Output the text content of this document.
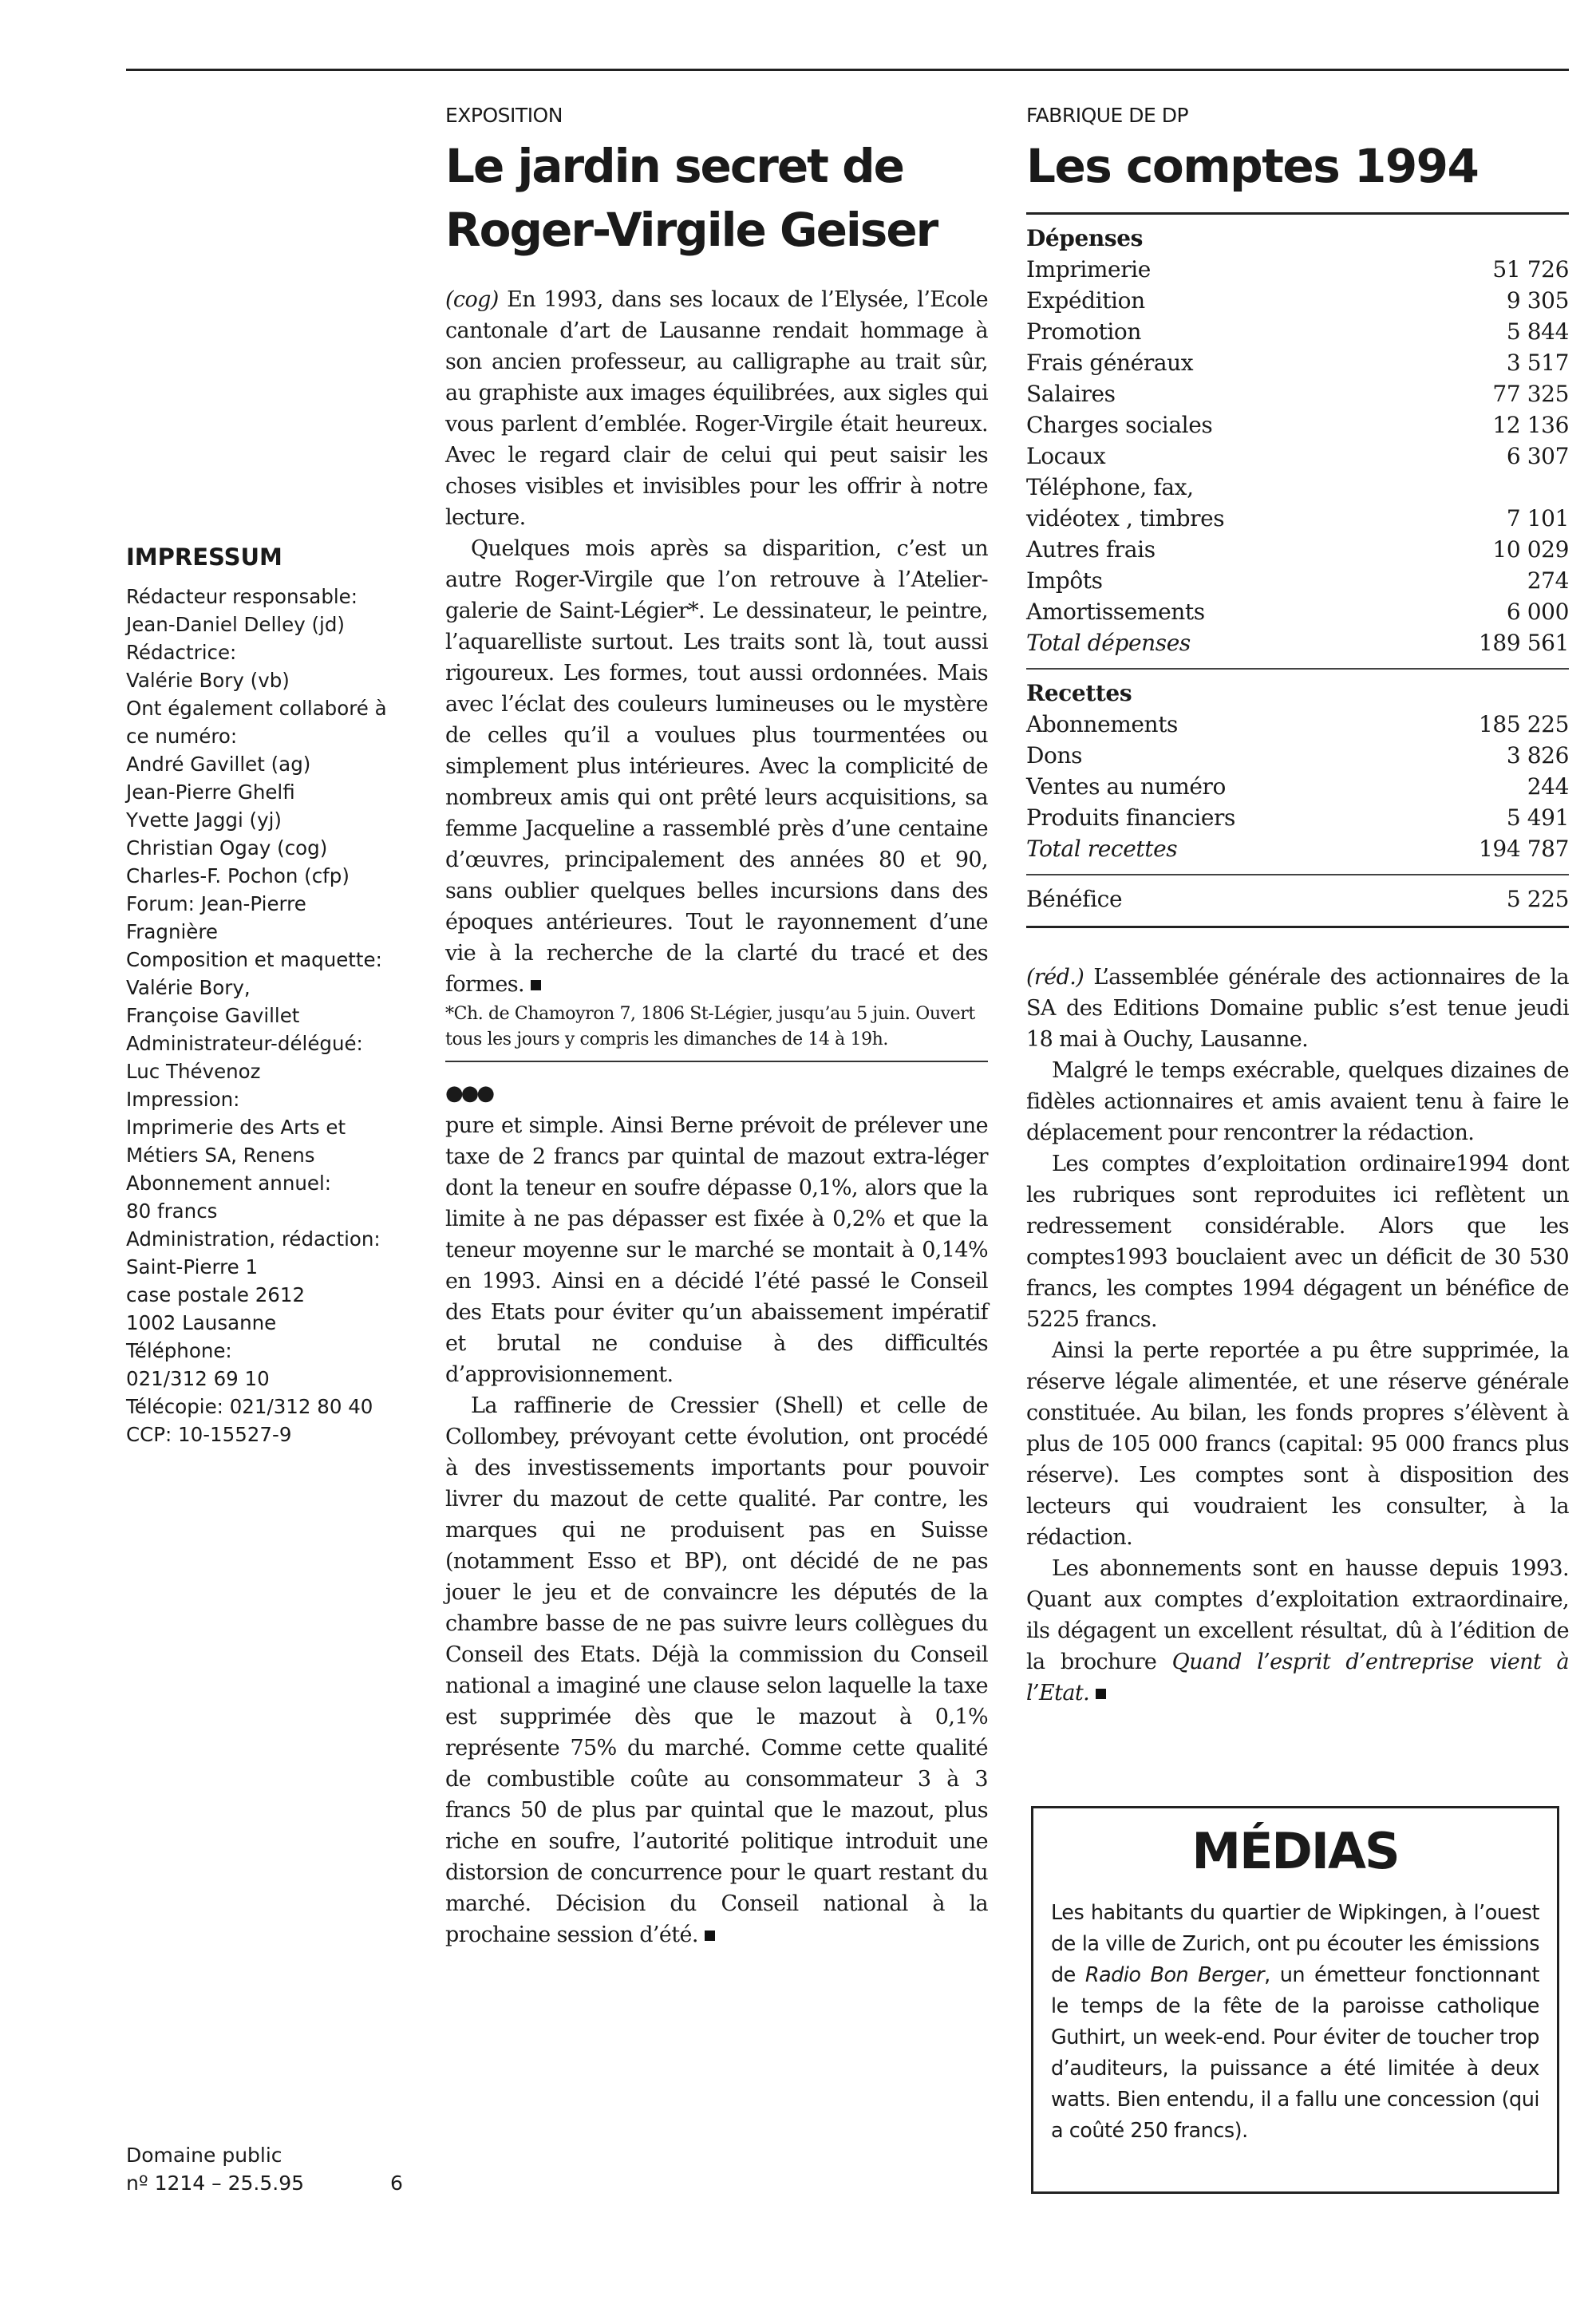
IMPRESSUM

Rédacteur responsable:

Jean-Daniel Delley (jd)

Rédactrice:

Valérie Bory (vb)

Ont également collaboré à

ce numéro:

André Gavillet (ag)

Jean-Pierre Ghelfi

Yvette Jaggi (yj)

Christian Ogay (cog)

Charles-F. Pochon (cfp)

Forum: Jean-Pierre

Fragnière

Composition et maquette:

Valérie Bory,

Françoise Gavillet

Administrateur-délégué:

Luc Thévenoz

Impression:

Imprimerie des Arts et

Métiers SA, Renens

Abonnement annuel:

80 francs

Administration, rédaction:

Saint-Pierre 1

case postale 2612

1002 Lausanne

Téléphone:

021/312 69 10

Télécopie: 021/312 80 40

CCP: 10-15527-9

Domaine public
nº 1214 – 25.5.95	6
EXPOSITION
Le jardin secret de
Roger-Virgile Geiser

(cog) En 1993, dans ses locaux de l’Elysée, l’Ecole cantonale d’art de Lausanne rendait hommage à son ancien professeur, au calligraphe au trait sûr, au graphiste aux images équilibrées, aux sigles qui vous parlent d’emblée. Roger-Virgile était heureux. Avec le regard clair de celui qui peut saisir les choses visibles et invisibles pour les offrir à notre lecture.

Quelques mois après sa disparition, c’est un autre Roger-Virgile que l’on retrouve à l’Atelier-galerie de Saint-Légier*. Le dessinateur, le peintre, l’aquarelliste surtout. Les traits sont là, tout aussi rigoureux. Les formes, tout aussi ordonnées. Mais avec l’éclat des couleurs lumineuses ou le mystère de celles qu’il a voulues plus tourmentées ou simplement plus intérieures. Avec la complicité de nombreux amis qui ont prêté leurs acquisitions, sa femme Jacqueline a rassemblé près d’une centaine d’œuvres, principalement des années 80 et 90, sans oublier quelques belles incursions dans des époques antérieures. Tout le rayonnement d’une vie à la recherche de la clarté du tracé et des formes.

*Ch. de Chamoyron 7, 1806 St-Légier, jusqu’au 5 juin. Ouvert tous les jours y compris les dimanches de 14 à 19h.
●●●

pure et simple. Ainsi Berne prévoit de prélever une taxe de 2 francs par quintal de mazout extra-léger dont la teneur en soufre dépasse 0,1%, alors que la limite à ne pas dépasser est fixée à 0,2% et que la teneur moyenne sur le marché se montait à 0,14% en 1993. Ainsi en a décidé l’été passé le Conseil des Etats pour éviter qu’un abaissement impératif et brutal ne conduise à des difficultés d’approvisionnement.

La raffinerie de Cressier (Shell) et celle de Collombey, prévoyant cette évolution, ont procédé à des investissements importants pour pouvoir livrer du mazout de cette qualité. Par contre, les marques qui ne produisent pas en Suisse (notamment Esso et BP), ont décidé de ne pas jouer le jeu et de convaincre les députés de la chambre basse de ne pas suivre leurs collègues du Conseil des Etats. Déjà la commission du Conseil national a imaginé une clause selon laquelle la taxe est supprimée dès que le mazout à 0,1% représente 75% du marché. Comme cette qualité de combustible coûte au consommateur 3 à 3 francs 50 de plus par quintal que le mazout, plus riche en soufre, l’autorité politique introduit une distorsion de concurrence pour le quart restant du marché. Décision du Conseil national à la prochaine session d’été.

FABRIQUE DE DP
Les comptes 1994
Dépenses
Imprimerie	51 726
Expédition	9 305
Promotion	5 844
Frais généraux	3 517
Salaires	77 325
Charges sociales	12 136
Locaux	6 307
Téléphone, fax,
vidéotex , timbres	7 101
Autres frais	10 029
Impôts	274
Amortissements	6 000
Total dépenses	189 561
Recettes
Abonnements	185 225
Dons	3 826
Ventes au numéro	244
Produits financiers	5 491
Total recettes	194 787
Bénéfice	5 225

(réd.) L’assemblée générale des actionnaires de la SA des Editions Domaine public s’est tenue jeudi 18 mai à Ouchy, Lausanne.

Malgré le temps exécrable, quelques dizaines de fidèles actionnaires et amis avaient tenu à faire le déplacement pour rencontrer la rédaction.

Les comptes d’exploitation ordinaire1994 dont les rubriques sont reproduites ici reflètent un redressement considérable. Alors que les comptes1993 bouclaient avec un déficit de 30 530 francs, les comptes 1994 dégagent un bénéfice de 5225 francs.

Ainsi la perte reportée a pu être supprimée, la réserve légale alimentée, et une réserve générale constituée. Au bilan, les fonds propres s’élèvent à plus de 105 000 francs (capital: 95 000 francs plus réserve). Les comptes sont à disposition des lecteurs qui voudraient les consulter, à la rédaction.

Les abonnements sont en hausse depuis 1993. Quant aux comptes d’exploitation extraordinaire, ils dégagent un excellent résultat, dû à l’édition de la brochure Quand l’esprit d’entreprise vient à l’Etat.

MÉDIAS
Les habitants du quartier de Wipkingen, à l’ouest de la ville de Zurich, ont pu écouter les émissions de Radio Bon Berger, un émetteur fonctionnant le temps de la fête de la paroisse catholique Guthirt, un week-end. Pour éviter de toucher trop d’auditeurs, la puissance a été limitée à deux watts. Bien entendu, il a fallu une concession (qui a coûté 250 francs).
